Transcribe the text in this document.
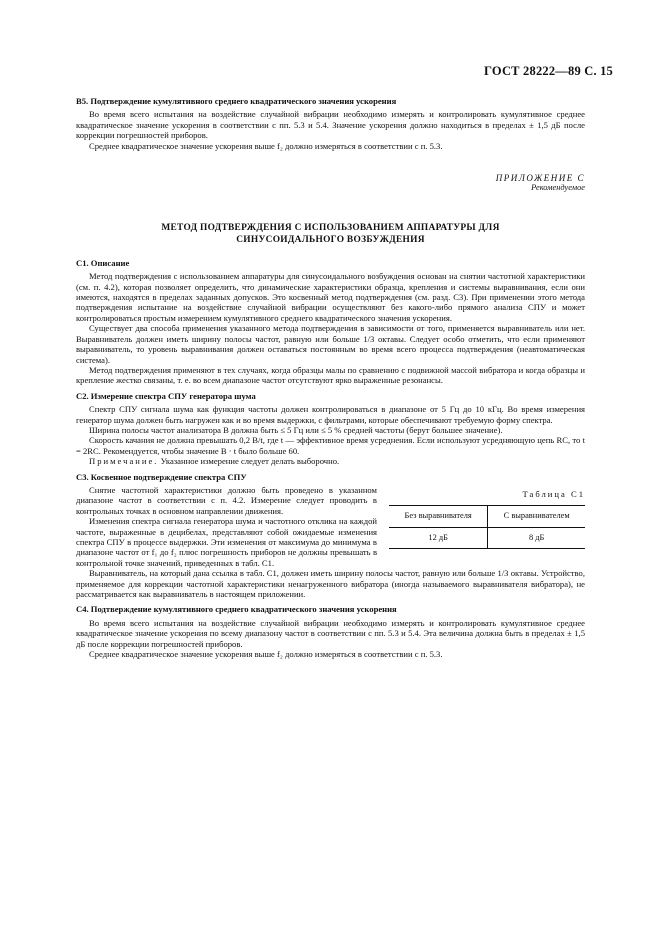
ГОСТ 28222—89 С. 15
В5. Подтверждение кумулятивного среднего квадратического значения ускорения

Во время всего испытания на воздействие случайной вибрации необходимо измерять и контролировать кумулятивное среднее квадратическое значение ускорения в соответствии с пп. 5.3 и 5.4. Значение ускорения должно находиться в пределах ± 1,5 дБ после коррекции погрешностей приборов.

Среднее квадратическое значение ускорения выше f₂ должно измеряться в соответствии с п. 5.3.

ПРИЛОЖЕНИЕ С
Рекомендуемое
МЕТОД ПОДТВЕРЖДЕНИЯ С ИСПОЛЬЗОВАНИЕМ АППАРАТУРЫ ДЛЯ СИНУСОИДАЛЬНОГО ВОЗБУЖДЕНИЯ
С1. Описание

Метод подтверждения с использованием аппаратуры для синусоидального возбуждения основан на снятии частотной характеристики (см. п. 4.2), которая позволяет определить, что динамические характеристики образца, крепления и системы выравнивания, если они имеются, находятся в пределах заданных допусков. Это косвенный метод подтверждения (см. разд. С3). При применении этого метода подтверждения испытание на воздействие случайной вибрации осуществляют без какого-либо прямого анализа СПУ и может контролироваться простым измерением кумулятивного среднего квадратического значения ускорения.

Существует два способа применения указанного метода подтверждения в зависимости от того, применяется выравниватель или нет. Выравниватель должен иметь ширину полосы частот, равную или больше 1/3 октавы. Следует особо отметить, что если применяют выравниватель, то уровень выравнивания должен оставаться постоянным во время всего процесса подтверждения (неавтоматическая система).

Метод подтверждения применяют в тех случаях, когда образцы малы по сравнению с подвижной массой вибратора и когда образцы и крепление жестко связаны, т. е. во всем диапазоне частот отсутствуют ярко выраженные резонансы.

С2. Измерение спектра СПУ генератора шума

Спектр СПУ сигнала шума как функция частоты должен контролироваться в диапазоне от 5 Гц до 10 кГц. Во время измерения генератор шума должен быть нагружен как и во время выдержки, с фильтрами, которые обеспечивают требуемую форму спектра.

Ширина полосы частот анализатора В должна быть ≤ 5 Гц или ≤ 5 % средней частоты (берут большее значение).

Скорость качания не должна превышать 0,2 B/t, где t — эффективное время усреднения. Если используют усредняющую цепь RC, то t = 2RC. Рекомендуется, чтобы значение B · t было больше 60.

Примечание. Указанное измерение следует делать выборочно.

С3. Косвенное подтверждение спектра СПУ
Таблица С1
Без выравнивателя	С выравнивателем
12 дБ	8 дБ

Снятие частотной характеристики должно быть проведено в указанном диапазоне частот в соответствии с п. 4.2. Измерение следует проводить в контрольных точках в основном направлении движения.

Изменения спектра сигнала генератора шума и частотного отклика на каждой частоте, выраженные в децибелах, представляют собой ожидаемые изменения спектра СПУ в процессе выдержки. Эти изменения от максимума до минимума в диапазоне частот от f₁ до f₂ плюс погрешность приборов не должны превышать в контрольной точке значений, приведенных в табл. С1.

Выравниватель, на который дана ссылка в табл. С1, должен иметь ширину полосы частот, равную или больше 1/3 октавы. Устройство, применяемое для коррекции частотной характеристики ненагруженного вибратора (иногда называемого выравнивателя вибратора), не рассматривается как выравниватель в настоящем приложении.

С4. Подтверждение кумулятивного среднего квадратического значения ускорения

Во время всего испытания на воздействие случайной вибрации необходимо измерять и контролировать кумулятивное среднее квадратическое значение ускорения по всему диапазону частот в соответствии с пп. 5.3 и 5.4. Эта величина должна быть в пределах ± 1,5 дБ после коррекции погрешностей приборов.

Среднее квадратическое значение ускорения выше f₂ должно измеряться в соответствии с п. 5.3.
